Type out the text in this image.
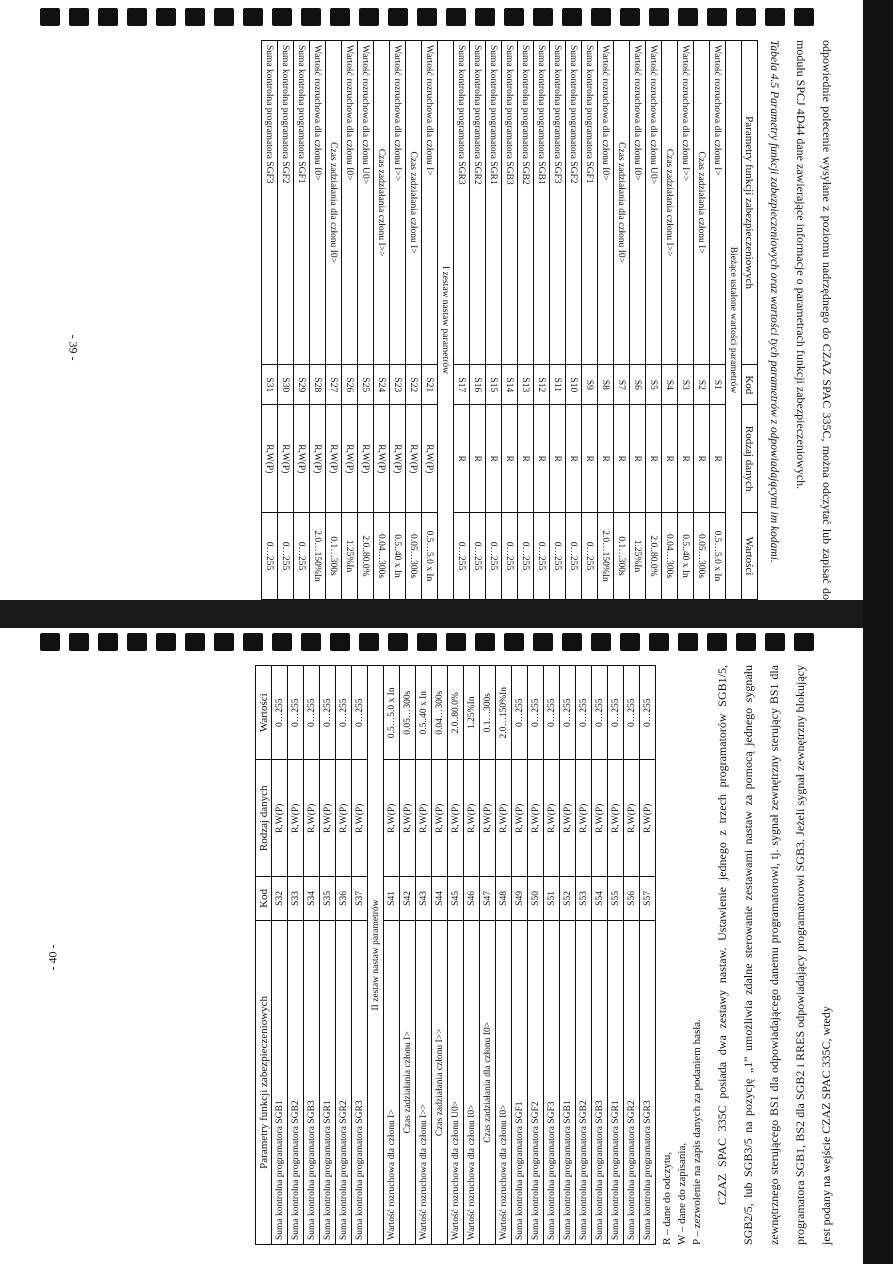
odpowiednie polecenie wysyłane z poziomu nadrzędnego do CZAZ SPAC 335C, można odczytać lub zapisać do modułu SPCJ 4D44 dane zawierające informacje o parametrach funkcji zabezpieczeniowych.

Tabela 4.5 Parametry funkcji zabezpieczeniowych oraz wartości tych parametrów z odpowiadającymi im kodami.
Parametry funkcji zabezpieczeniowych	Kod	Rodzaj danych	Wartości
Bieżące ustalone wartości parametrów			
Wartość rozruchowa dla członu I>	S1	R	0.5…5.0 x In
Czas zadziałania członu I>	S2	R	0.05…300s
Wartość rozruchowa dla członu I>>	S3	R	0.5..40 x In
Czas zadziałania członu I>>	S4	R	0.04…300s
Wartość rozruchowa dla członu U0>	S5	R	2.0..80.0%
Wartość rozruchowa dla członu I0>	S6	R	1.25%In
Czas zadziałania dla członu I0>	S7	R	0.1…300s
Wartość rozruchowa dla członu I0>	S8	R	2.0…150%In
Suma kontrolna programatora SGF1	S9	R	0…255
Suma kontrolna programatora SGF2	S10	R	0…255
Suma kontrolna programatora SGF3	S11	R	0…255
Suma kontrolna programatora SGB1	S12	R	0…255
Suma kontrolna programatora SGB2	S13	R	0…255
Suma kontrolna programatora SGB3	S14	R	0…255
Suma kontrolna programatora SGR1	S15	R	0…255
Suma kontrolna programatora SGR2	S16	R	0…255
Suma kontrolna programatora SGR3	S17	R	0…255
I zestaw nastaw parametrów			
Wartość rozruchowa dla członu I>	S21	R,W(P)	0.5…5.0 x In
Czas zadziałania członu I>	S22	R,W(P)	0.05…300s
Wartość rozruchowa dla członu I>>	S23	R,W(P)	0.5..40 x In
Czas zadziałania członu I>>	S24	R,W(P)	0.04…300s
Wartość rozruchowa dla członu U0>	S25	R,W(P)	2.0..80.0%
Wartość rozruchowa dla członu I0>	S26	R,W(P)	1.25%In
Czas zadziałania dla członu I0>	S27	R,W(P)	0.1…300s
Wartość rozruchowa dla członu I0>	S28	R,W(P)	2.0…150%In
Suma kontrolna programatora SGF1	S29	R,W(P)	0…255
Suma kontrolna programatora SGF2	S30	R,W(P)	0…255
Suma kontrolna programatora SGF3	S31	R,W(P)	0…255
- 39 -
Parametry funkcji zabezpieczeniowych	Kod	Rodzaj danych	Wartości
Suma kontrolna programatora SGB1	S32	R,W(P)	0…255
Suma kontrolna programatora SGB2	S33	R,W(P)	0…255
Suma kontrolna programatora SGB3	S34	R,W(P)	0…255
Suma kontrolna programatora SGR1	S35	R,W(P)	0…255
Suma kontrolna programatora SGR2	S36	R,W(P)	0…255
Suma kontrolna programatora SGR3	S37	R,W(P)	0…255
II zestaw nastaw parametrów			
Wartość rozruchowa dla członu I>	S41	R,W(P)	0.5…5.0 x In
Czas zadziałania członu I>	S42	R,W(P)	0.05…300s
Wartość rozruchowa dla członu I>>	S43	R,W(P)	0.5..40 x In
Czas zadziałania członu I>>	S44	R,W(P)	0.04…300s
Wartość rozruchowa dla członu U0>	S45	R,W(P)	2.0..80.0%
Wartość rozruchowa dla członu I0>	S46	R,W(P)	1.25%In
Czas zadziałania dla członu I0>	S47	R,W(P)	0.1…300s
Wartość rozruchowa dla członu I0>	S48	R,W(P)	2.0…150%In
Suma kontrolna programatora SGF1	S49	R,W(P)	0…255
Suma kontrolna programatora SGF2	S50	R,W(P)	0…255
Suma kontrolna programatora SGF3	S51	R,W(P)	0…255
Suma kontrolna programatora SGB1	S52	R,W(P)	0…255
Suma kontrolna programatora SGB2	S53	R,W(P)	0…255
Suma kontrolna programatora SGB3	S54	R,W(P)	0…255
Suma kontrolna programatora SGR1	S55	R,W(P)	0…255
Suma kontrolna programatora SGR2	S56	R,W(P)	0…255
Suma kontrolna programatora SGR3	S57	R,W(P)	0…255
R – dane do odczytu, W – dane do zapisania, P – zezwolenie na zapis danych za podaniem hasła.	CZAZ SPAC 335C posiada dwa zestawy nastaw. Ustawienie jednego z trzech programatorów SGB1/5, SGB2/5, lub SGB3/5 na pozycję „1” umożliwia zdalne sterowanie zestawami nastaw za pomocą jednego sygnału zewnętrznego sterującego BS1 dla odpowiadającego danemu programatorowi, tj. sygnał zewnętrzny sterujący BS1 dla programatora SGB1, BS2 dla SGB2 i RRES odpowiadający programatorowi SGB3. Jeżeli sygnał zewnętrzny blokujący jest podany na wejście CZAZ SPAC 335C, wtedy

- 40 -
